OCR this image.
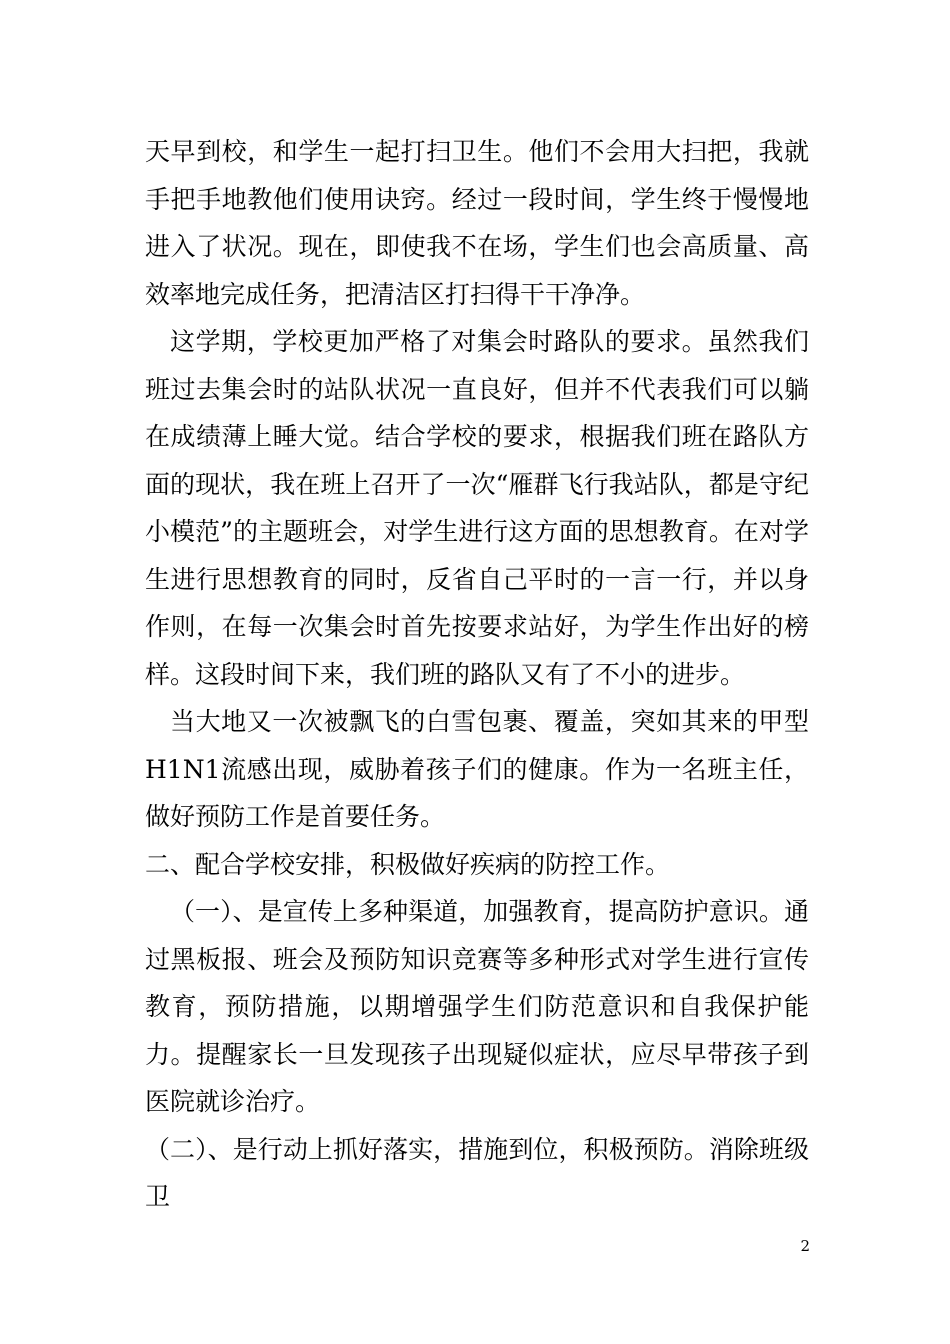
天早到校，和学生一起打扫卫生。他们不会用大扫把，我就手把手地教他们使用诀窍。经过一段时间，学生终于慢慢地进入了状况。现在，即使我不在场，学生们也会高质量、高效率地完成任务，把清洁区打扫得干干净净。

这学期，学校更加严格了对集会时路队的要求。虽然我们班过去集会时的站队状况一直良好，但并不代表我们可以躺在成绩薄上睡大觉。结合学校的要求，根据我们班在路队方面的现状，我在班上召开了一次“雁群飞行我站队，都是守纪小模范”的主题班会，对学生进行这方面的思想教育。在对学生进行思想教育的同时，反省自己平时的一言一行，并以身作则，在每一次集会时首先按要求站好，为学生作出好的榜样。这段时间下来，我们班的路队又有了不小的进步。

当大地又一次被飘飞的白雪包裹、覆盖，突如其来的甲型H1N1流感出现，威胁着孩子们的健康。作为一名班主任，做好预防工作是首要任务。

二、配合学校安排，积极做好疾病的防控工作。

（一）、是宣传上多种渠道，加强教育，提高防护意识。通过黑板报、班会及预防知识竞赛等多种形式对学生进行宣传教育，预防措施，以期增强学生们防范意识和自我保护能力。提醒家长一旦发现孩子出现疑似症状，应尽早带孩子到医院就诊治疗。

（二）、是行动上抓好落实，措施到位，积极预防。消除班级卫

2
